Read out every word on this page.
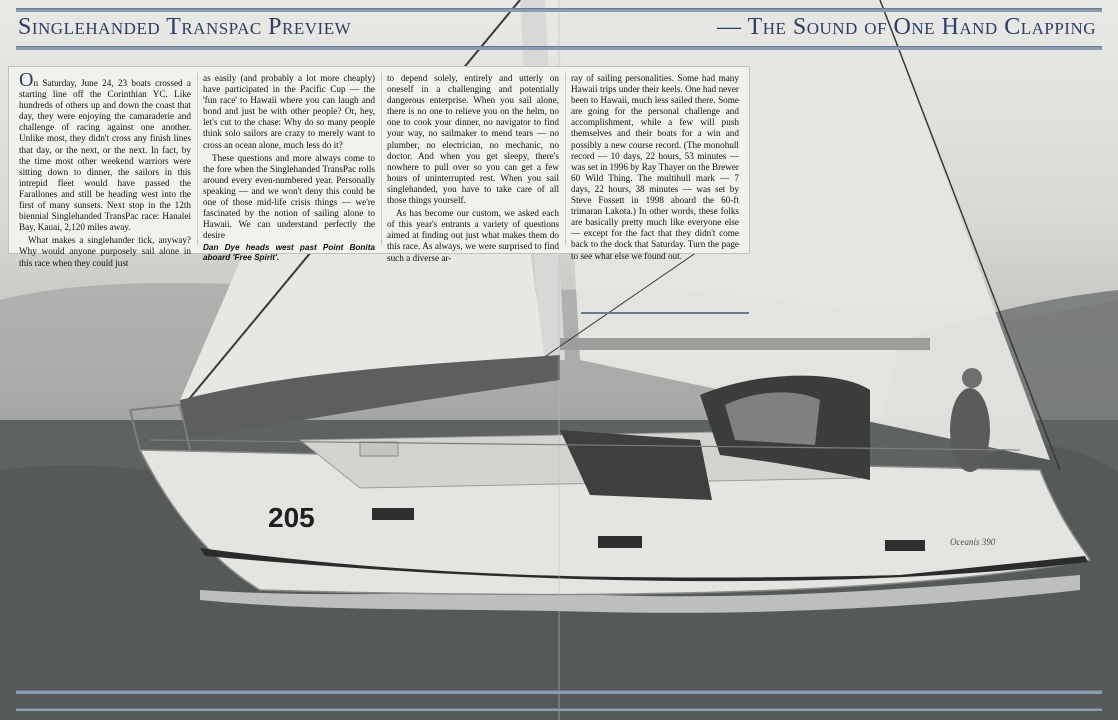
205
Oceanis 390
Singlehanded Transpac Preview	— The Sound of One Hand Clapping

On Saturday, June 24, 23 boats crossed a starting line off the Corinthian YC. Like hundreds of others up and down the coast that day, they were enjoying the camaraderie and challenge of racing against one another. Unlike most, they didn't cross any finish lines that day, or the next, or the next. In fact, by the time most other weekend warriors were sitting down to dinner, the sailors in this intrepid fleet would have passed the Farallones and still be heading west into the first of many sunsets. Next stop in the 12th biennial Singlehanded TransPac race: Hanalei Bay, Kauai, 2,120 miles away.

What makes a singlehander tick, anyway? Why would anyone purposely sail alone in this race when they could just

as easily (and probably a lot more cheaply) have participated in the Pacific Cup — the 'fun race' to Hawaii where you can laugh and bond and just be with other people? Or, hey, let's cut to the chase: Why do so many people think solo sailors are crazy to merely want to cross an ocean alone, much less do it?

These questions and more always come to the fore when the Singlehanded TransPac rolls around every even-numbered year. Personally speaking — and we won't deny this could be one of those mid-life crisis things — we're fascinated by the notion of sailing alone to Hawaii. We can understand perfectly the desire

Dan Dye heads west past Point Bonita aboard 'Free Spirit'.

to depend solely, entirely and utterly on oneself in a challenging and potentially dangerous enterprise. When you sail alone, there is no one to relieve you on the helm, no one to cook your dinner, no navigator to find your way, no sailmaker to mend tears — no plumber, no electrician, no mechanic, no doctor. And when you get sleepy, there's nowhere to pull over so you can get a few hours of uninterrupted rest. When you sail singlehanded, you have to take care of all those things yourself.

As has become our custom, we asked each of this year's entrants a variety of questions aimed at finding out just what makes them do this race. As always, we were surprised to find such a diverse ar-

ray of sailing personalities. Some had many Hawaii trips under their keels. One had never been to Hawaii, much less sailed there. Some are going for the personal challenge and accomplishment, while a few will push themselves and their boats for a win and possibly a new course record. (The monohull record — 10 days, 22 hours, 53 minutes — was set in 1996 by Ray Thayer on the Brewer 60 Wild Thing. The multihull mark — 7 days, 22 hours, 38 minutes — was set by Steve Fossett in 1998 aboard the 60-ft trimaran Lakota.) In other words, these folks are basically pretty much like everyone else — except for the fact that they didn't come back to the dock that Saturday. Turn the page to see what else we found out.
